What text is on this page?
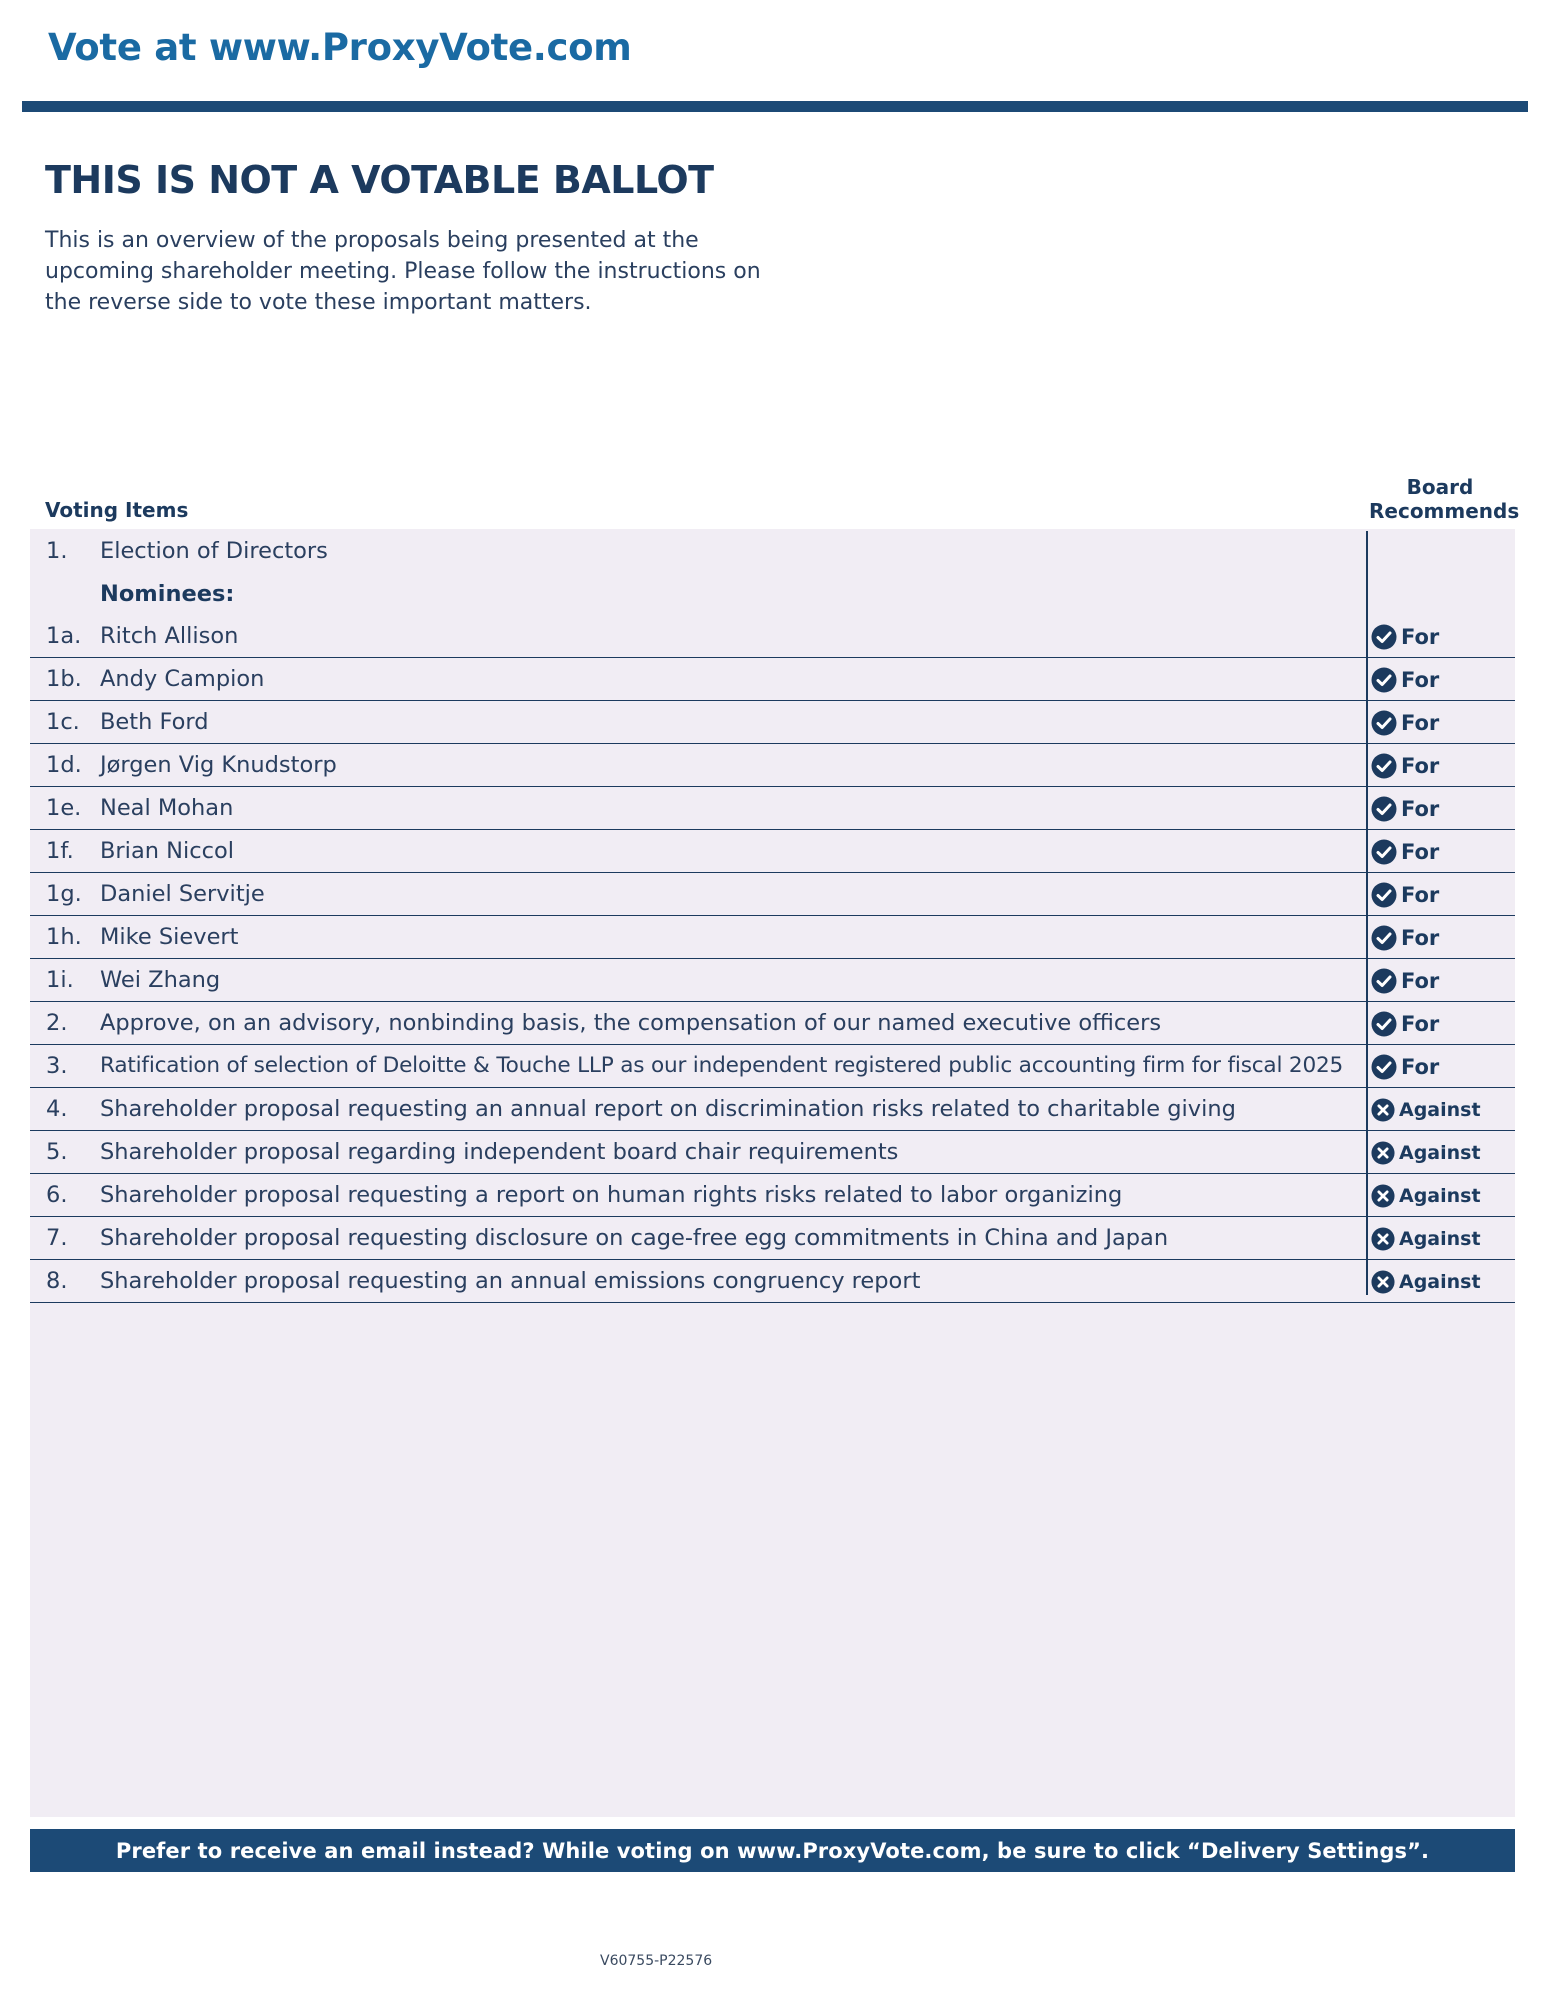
Vote at www.ProxyVote.com
THIS IS NOT A VOTABLE BALLOT

This is an overview of the proposals being presented at the
upcoming shareholder meeting. Please follow the instructions on
the reverse side to vote these important matters.

Board
Recommends
Voting Items
1. Election of Directors
Nominees:
1a. Ritch Allison	For
1b. Andy Campion	For
1c. Beth Ford	For
1d. Jørgen Vig Knudstorp	For
1e. Neal Mohan	For
1f. Brian Niccol	For
1g. Daniel Servitje	For
1h. Mike Sievert	For
1i. Wei Zhang	For
2. Approve, on an advisory, nonbinding basis, the compensation of our named executive officers	For
3. Ratification of selection of Deloitte & Touche LLP as our independent registered public accounting firm for fiscal 2025	For
4. Shareholder proposal requesting an annual report on discrimination risks related to charitable giving	Against
5. Shareholder proposal regarding independent board chair requirements	Against
6. Shareholder proposal requesting a report on human rights risks related to labor organizing	Against
7. Shareholder proposal requesting disclosure on cage-free egg commitments in China and Japan	Against
8. Shareholder proposal requesting an annual emissions congruency report	Against
Prefer to receive an email instead? While voting on www.ProxyVote.com, be sure to click “Delivery Settings”.
V60755-P22576
